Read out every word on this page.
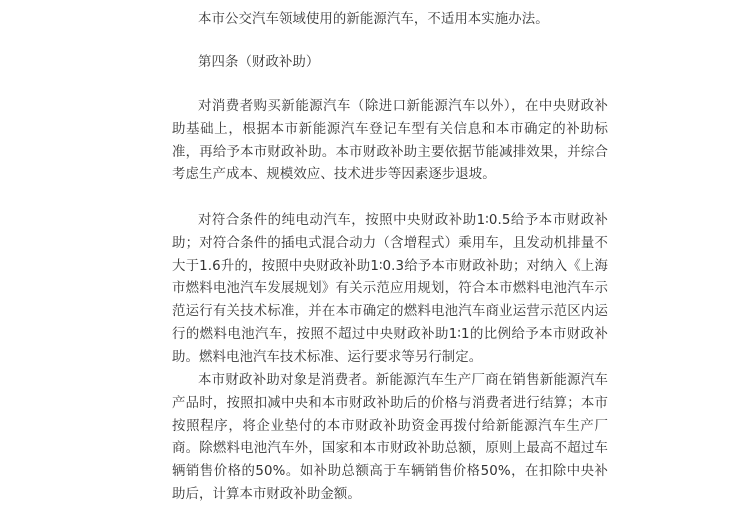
本市公交汽车领域使用的新能源汽车，不适用本实施办法。

第四条（财政补助）

对消费者购买新能源汽车（除进口新能源汽车以外），在中央财政补助基础上，根据本市新能源汽车登记车型有关信息和本市确定的补助标准，再给予本市财政补助。本市财政补助主要依据节能减排效果，并综合考虑生产成本、规模效应、技术进步等因素逐步退坡。

对符合条件的纯电动汽车，按照中央财政补助1∶0.5给予本市财政补助；对符合条件的插电式混合动力（含增程式）乘用车，且发动机排量不大于1.6升的，按照中央财政补助1∶0.3给予本市财政补助；对纳入《上海市燃料电池汽车发展规划》有关示范应用规划，符合本市燃料电池汽车示范运行有关技术标准，并在本市确定的燃料电池汽车商业运营示范区内运行的燃料电池汽车，按照不超过中央财政补助1∶1的比例给予本市财政补助。燃料电池汽车技术标准、运行要求等另行制定。

本市财政补助对象是消费者。新能源汽车生产厂商在销售新能源汽车产品时，按照扣减中央和本市财政补助后的价格与消费者进行结算；本市按照程序，将企业垫付的本市财政补助资金再拨付给新能源汽车生产厂商。除燃料电池汽车外，国家和本市财政补助总额，原则上最高不超过车辆销售价格的50%。如补助总额高于车辆销售价格50%，在扣除中央补助后，计算本市财政补助金额。
